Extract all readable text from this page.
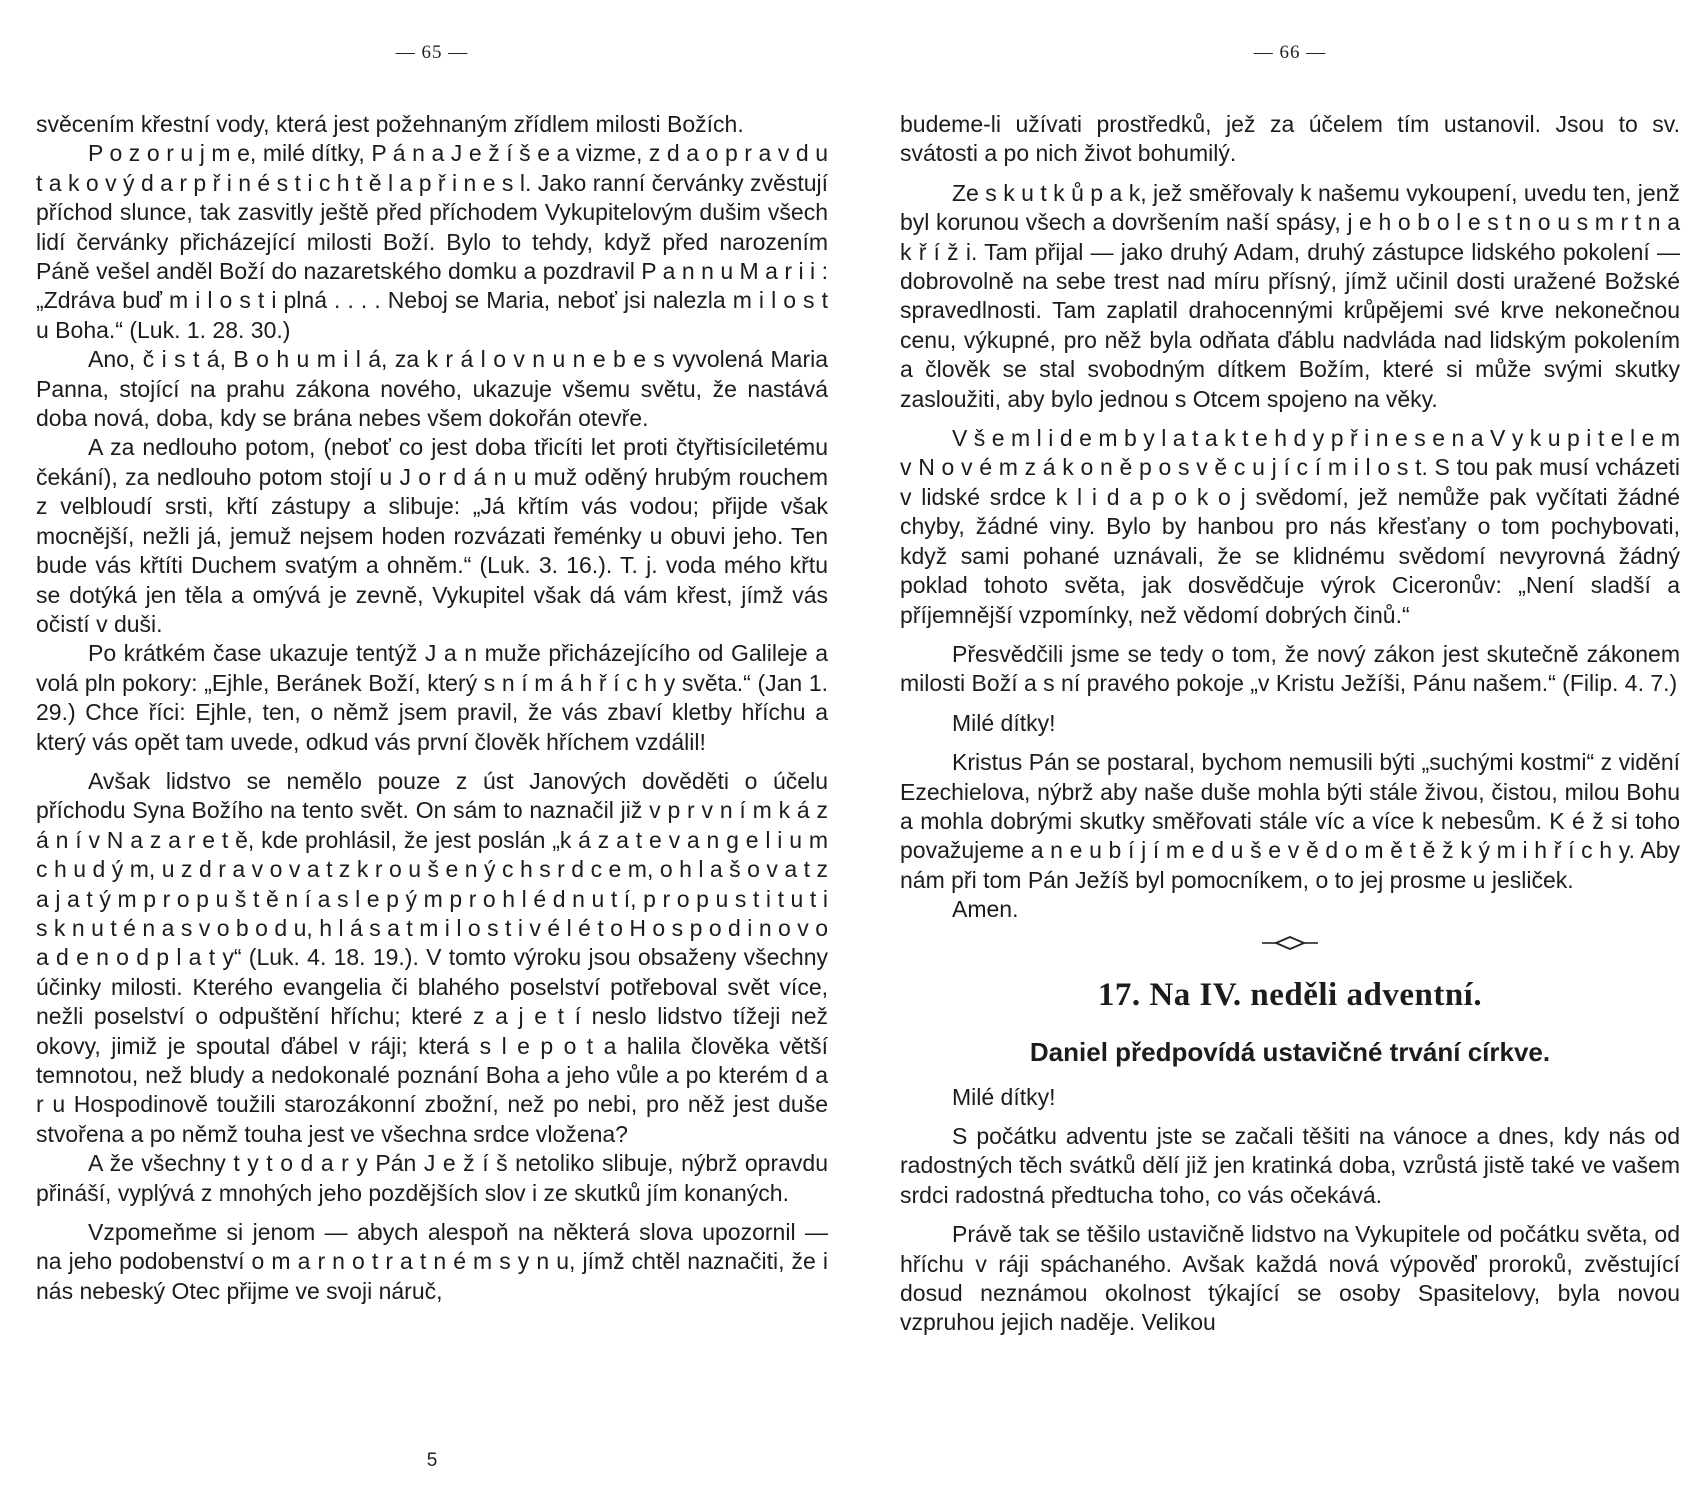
— 65 —

svěcením křestní vody, která jest požehnaným zřídlem milosti Božích.

P o z o r u j m e, milé dítky, P á n a J e ž í š e a vizme, z d a o p r a v d u t a k o v ý d a r p ř i n é s t i c h t ě l a p ř i n e s l. Jako ranní červánky zvěstují příchod slunce, tak zasvitly ještě před příchodem Vykupitelovým dušim všech lidí červánky přicházející milosti Boží. Bylo to tehdy, když před narozením Páně vešel anděl Boží do nazaretského domku a pozdravil P a n n u M a r i i : „Zdráva buď m i l o s t i plná . . . . Neboj se Maria, neboť jsi nalezla m i l o s t u Boha.“ (Luk. 1. 28. 30.)

Ano, č i s t á, B o h u m i l á, za k r á l o v n u n e b e s vyvolená Maria Panna, stojící na prahu zákona nového, ukazuje všemu světu, že nastává doba nová, doba, kdy se brána nebes všem dokořán otevře.

A za nedlouho potom, (neboť co jest doba třicíti let proti čtyřtisíciletému čekání), za nedlouho potom stojí u J o r d á n u muž oděný hrubým rouchem z velbloudí srsti, křtí zástupy a slibuje: „Já křtím vás vodou; přijde však mocnější, nežli já, jemuž nejsem hoden rozvázati řeménky u obuvi jeho. Ten bude vás křtíti Duchem svatým a ohněm.“ (Luk. 3. 16.). T. j. voda mého křtu se dotýká jen těla a omývá je zevně, Vykupitel však dá vám křest, jímž vás očistí v duši.

Po krátkém čase ukazuje tentýž J a n muže přicházejícího od Galileje a volá pln pokory: „Ejhle, Beránek Boží, který s n í m á h ř í c h y světa.“ (Jan 1. 29.) Chce říci: Ejhle, ten, o němž jsem pravil, že vás zbaví kletby hříchu a který vás opět tam uvede, odkud vás první člověk hříchem vzdálil!

Avšak lidstvo se nemělo pouze z úst Janových dověděti o účelu příchodu Syna Božího na tento svět. On sám to naznačil již v p r v n í m k á z á n í v N a z a r e t ě, kde prohlásil, že jest poslán „k á z a t e v a n g e l i u m c h u d ý m, u z d r a v o v a t z k r o u š e n ý c h s r d c e m, o h l a š o v a t z a j a t ý m p r o p u š t ě n í a s l e p ý m p r o h l é d n u t í, p r o p u s t i t u t i s k n u t é n a s v o b o d u, h l á s a t m i l o s t i v é l é t o H o s p o d i n o v o a d e n o d p l a t y“ (Luk. 4. 18. 19.). V tomto výroku jsou obsaženy všechny účinky milosti. Kterého evangelia či blahého poselství potřeboval svět více, nežli poselství o odpuštění hříchu; které z a j e t í neslo lidstvo tížeji než okovy, jimiž je spoutal ďábel v ráji; která s l e p o t a halila člověka větší temnotou, než bludy a nedokonalé poznání Boha a jeho vůle a po kterém d a r u Hospodinově toužili starozákonní zbožní, než po nebi, pro něž jest duše stvořena a po němž touha jest ve všechna srdce vložena?

A že všechny t y t o d a r y Pán J e ž í š netoliko slibuje, nýbrž opravdu přináší, vyplývá z mnohých jeho pozdějších slov i ze skutků jím konaných.

Vzpomeňme si jenom — abych alespoň na některá slova upozornil — na jeho podobenství o m a r n o t r a t n é m s y n u, jímž chtěl naznačiti, že i nás nebeský Otec přijme ve svoji náruč,

5
— 66 —

budeme-li užívati prostředků, jež za účelem tím ustanovil. Jsou to sv. svátosti a po nich život bohumilý.

Ze s k u t k ů p a k, jež směřovaly k našemu vykoupení, uvedu ten, jenž byl korunou všech a dovršením naší spásy, j e h o b o l e s t n o u s m r t n a k ř í ž i. Tam přijal — jako druhý Adam, druhý zástupce lidského pokolení — dobrovolně na sebe trest nad míru přísný, jímž učinil dosti uražené Božské spravedlnosti. Tam zaplatil drahocennými krůpějemi své krve nekonečnou cenu, výkupné, pro něž byla odňata ďáblu nadvláda nad lidským pokolením a člověk se stal svobodným dítkem Božím, které si může svými skutky zasloužiti, aby bylo jednou s Otcem spojeno na věky.

V š e m l i d e m b y l a t a k t e h d y p ř i n e s e n a V y k u p i t e l e m v N o v é m z á k o n ě p o s v ě c u j í c í m i l o s t. S tou pak musí vcházeti v lidské srdce k l i d a p o k o j svědomí, jež nemůže pak vyčítati žádné chyby, žádné viny. Bylo by hanbou pro nás křesťany o tom pochybovati, když sami pohané uznávali, že se klidnému svědomí nevyrovná žádný poklad tohoto světa, jak dosvědčuje výrok Ciceronův: „Není sladší a příjemnější vzpomínky, než vědomí dobrých činů.“

Přesvědčili jsme se tedy o tom, že nový zákon jest skutečně zákonem milosti Boží a s ní pravého pokoje „v Kristu Ježíši, Pánu našem.“ (Filip. 4. 7.)

Milé dítky!

Kristus Pán se postaral, bychom nemusili býti „suchými kostmi“ z vidění Ezechielova, nýbrž aby naše duše mohla býti stále živou, čistou, milou Bohu a mohla dobrými skutky směřovati stále víc a více k nebesům. K é ž si toho považujeme a n e u b í j í m e d u š e v ě d o m ě t ě ž k ý m i h ř í c h y. Aby nám při tom Pán Ježíš byl pomocníkem, o to jej prosme u jesliček.

Amen.

17. Na IV. neděli adventní.
Daniel předpovídá ustavičné trvání církve.

Milé dítky!

S počátku adventu jste se začali těšiti na vánoce a dnes, kdy nás od radostných těch svátků dělí již jen kratinká doba, vzrůstá jistě také ve vašem srdci radostná předtucha toho, co vás očekává.

Právě tak se těšilo ustavičně lidstvo na Vykupitele od počátku světa, od hříchu v ráji spáchaného. Avšak každá nová výpověď proroků, zvěstující dosud neznámou okolnost týkající se osoby Spasitelovy, byla novou vzpruhou jejich naděje. Velikou
